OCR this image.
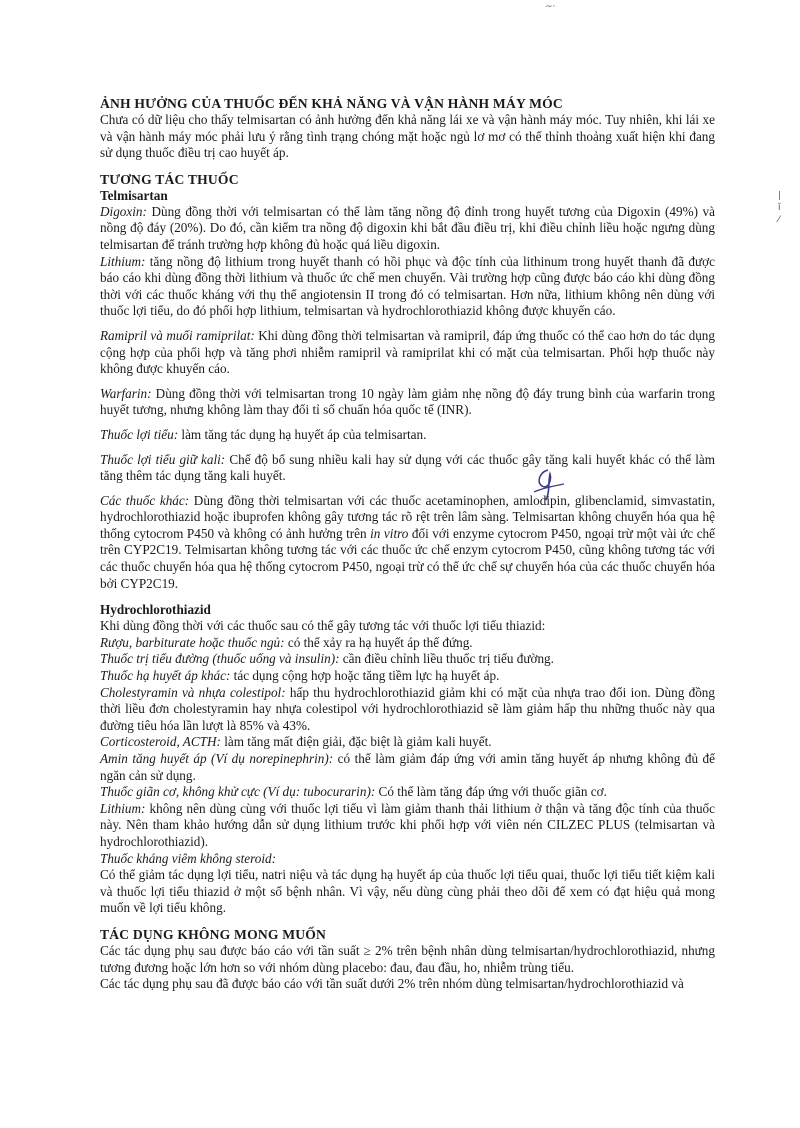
~·
|
ǐ
⁄
ẢNH HƯỞNG CỦA THUỐC ĐẾN KHẢ NĂNG VÀ VẬN HÀNH MÁY MÓC

Chưa có dữ liệu cho thấy telmisartan có ảnh hưởng đến khả năng lái xe và vận hành máy móc. Tuy nhiên, khi lái xe và vận hành máy móc phải lưu ý rằng tình trạng chóng mặt hoặc ngủ lơ mơ có thể thỉnh thoảng xuất hiện khi đang sử dụng thuốc điều trị cao huyết áp.

TƯƠNG TÁC THUỐC
Telmisartan

Digoxin: Dùng đồng thời với telmisartan có thể làm tăng nồng độ đỉnh trong huyết tương của Digoxin (49%) và nồng độ đáy (20%). Do đó, cần kiểm tra nồng độ digoxin khi bắt đầu điều trị, khi điều chỉnh liều hoặc ngưng dùng telmisartan để tránh trường hợp không đủ hoặc quá liều digoxin.

Lithium: tăng nồng độ lithium trong huyết thanh có hồi phục và độc tính của lithinum trong huyết thanh đã được báo cáo khi dùng đồng thời lithium và thuốc ức chế men chuyển. Vài trường hợp cũng được báo cáo khi dùng đồng thời với các thuốc kháng với thụ thể angiotensin II trong đó có telmisartan. Hơn nữa, lithium không nên dùng với thuốc lợi tiểu, do đó phối hợp lithium, telmisartan và hydrochlorothiazid không được khuyến cáo.

Ramipril và muối ramiprilat: Khi dùng đồng thời telmisartan và ramipril, đáp ứng thuốc có thể cao hơn do tác dụng cộng hợp của phối hợp và tăng phơi nhiễm ramipril và ramiprilat khi có mặt của telmisartan. Phối hợp thuốc này không được khuyến cáo.

Warfarin: Dùng đồng thời với telmisartan trong 10 ngày làm giảm nhẹ nồng độ đáy trung bình của warfarin trong huyết tương, nhưng không làm thay đổi tỉ số chuẩn hóa quốc tế (INR).

Thuốc lợi tiểu: làm tăng tác dụng hạ huyết áp của telmisartan.

Thuốc lợi tiểu giữ kali: Chế độ bổ sung nhiều kali hay sử dụng với các thuốc gây tăng kali huyết khác có thể làm tăng thêm tác dụng tăng kali huyết.

Các thuốc khác: Dùng đồng thời telmisartan với các thuốc acetaminophen, amlodipin, glibenclamid, simvastatin, hydrochlorothiazid hoặc ibuprofen không gây tương tác rõ rệt trên lâm sàng. Telmisartan không chuyển hóa qua hệ thống cytocrom P450 và không có ảnh hưởng trên in vitro đối với enzyme cytocrom P450, ngoại trừ một vài ức chế trên CYP2C19. Telmisartan không tương tác với các thuốc ức chế enzym cytocrom P450, cũng không tương tác với các thuốc chuyển hóa qua hệ thống cytocrom P450, ngoại trừ có thể ức chế sự chuyển hóa của các thuốc chuyển hóa bởi CYP2C19.

Hydrochlorothiazid

Khi dùng đồng thời với các thuốc sau có thể gây tương tác với thuốc lợi tiểu thiazid:

Rượu, barbiturate hoặc thuốc ngủ: có thể xảy ra hạ huyết áp thế đứng.

Thuốc trị tiểu đường (thuốc uống và insulin): cần điều chỉnh liều thuốc trị tiểu đường.

Thuốc hạ huyết áp khác: tác dụng cộng hợp hoặc tăng tiềm lực hạ huyết áp.

Cholestyramin và nhựa colestipol: hấp thu hydrochlorothiazid giảm khi có mặt của nhựa trao đổi ion. Dùng đồng thời liều đơn cholestyramin hay nhựa colestipol với hydrochlorothiazid sẽ làm giảm hấp thu những thuốc này qua đường tiêu hóa lần lượt là 85% và 43%.

Corticosteroid, ACTH: làm tăng mất điện giải, đặc biệt là giảm kali huyết.

Amin tăng huyết áp (Ví dụ norepinephrin): có thể làm giảm đáp ứng với amin tăng huyết áp nhưng không đủ để ngăn cản sử dụng.

Thuốc giãn cơ, không khử cực (Ví dụ: tubocurarin): Có thể làm tăng đáp ứng với thuốc giãn cơ.

Lithium: không nên dùng cùng với thuốc lợi tiểu vì làm giảm thanh thải lithium ở thận và tăng độc tính của thuốc này. Nên tham khảo hướng dẫn sử dụng lithium trước khi phối hợp với viên nén CILZEC PLUS (telmisartan và hydrochlorothiazid).

Thuốc kháng viêm không steroid:

Có thể giảm tác dụng lợi tiểu, natri niệu và tác dụng hạ huyết áp của thuốc lợi tiểu quai, thuốc lợi tiểu tiết kiệm kali và thuốc lợi tiểu thiazid ở một số bệnh nhân. Vì vậy, nếu dùng cùng phải theo dõi để xem có đạt hiệu quả mong muốn về lợi tiểu không.

TÁC DỤNG KHÔNG MONG MUỐN

Các tác dụng phụ sau được báo cáo với tần suất ≥ 2% trên bệnh nhân dùng telmisartan/hydrochlorothiazid, nhưng tương đương hoặc lớn hơn so với nhóm dùng placebo: đau, đau đầu, ho, nhiễm trùng tiểu.

Các tác dụng phụ sau đã được báo cáo với tần suất dưới 2% trên nhóm dùng telmisartan/hydrochlorothiazid và
